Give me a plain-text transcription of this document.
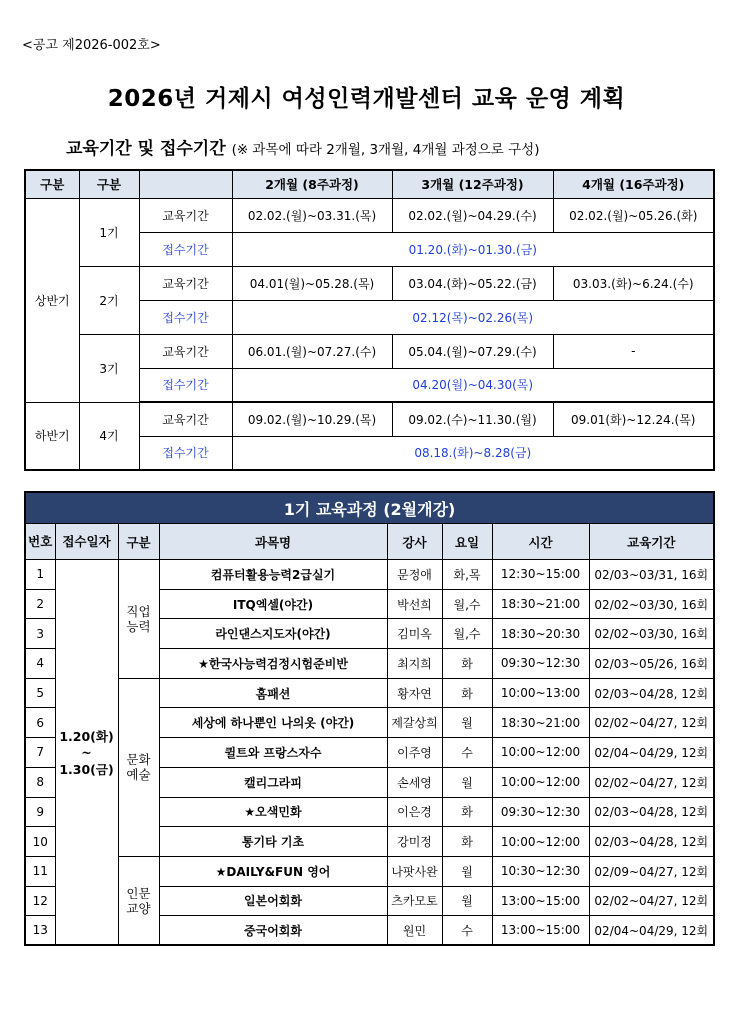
<공고 제2026-002호>
2026년 거제시 여성인력개발센터 교육 운영 계획
교육기간 및 접수기간 (※ 과목에 따라 2개월, 3개월, 4개월 과정으로 구성)
구분	구분		2개월 (8주과정)	3개월 (12주과정)	4개월 (16주과정)
상반기	1기	교육기간	02.02.(월)~03.31.(목)	02.02.(월)~04.29.(수)	02.02.(월)~05.26.(화)
		접수기간	01.20.(화)~01.30.(금)		
	2기	교육기간	04.01(월)~05.28.(목)	03.04.(화)~05.22.(금)	03.03.(화)~6.24.(수)
		접수기간	02.12(목)~02.26(목)		
	3기	교육기간	06.01.(월)~07.27.(수)	05.04.(월)~07.29.(수)	-
		접수기간	04.20(월)~04.30(목)		
하반기	4기	교육기간	09.02.(월)~10.29.(목)	09.02.(수)~11.30.(월)	09.01(화)~12.24.(목)
		접수기간	08.18.(화)~8.28(금)		
1기 교육과정 (2월개강)							
번호	접수일자	구분	과목명	강사	요일	시간	교육기간
1	1.20(화)
~
1.30(금)	직업능력	컴퓨터활용능력2급실기	문정애	화,목	12:30~15:00	02/03~03/31, 16회
2			ITQ엑셀(야간)	박선희	월,수	18:30~21:00	02/02~03/30, 16회
3			라인댄스지도자(야간)	김미옥	월,수	18:30~20:30	02/02~03/30, 16회
4			★한국사능력검정시험준비반	최지희	화	09:30~12:30	02/03~05/26, 16회
5		문화예술	홈패션	황자연	화	10:00~13:00	02/03~04/28, 12회
6			세상에 하나뿐인 나의옷 (야간)	제갈상희	월	18:30~21:00	02/02~04/27, 12회
7			퀼트와 프랑스자수	이주영	수	10:00~12:00	02/04~04/29, 12회
8			캘리그라피	손세영	월	10:00~12:00	02/02~04/27, 12회
9			★오색민화	이은경	화	09:30~12:30	02/03~04/28, 12회
10			통기타 기초	강미정	화	10:00~12:00	02/03~04/28, 12회
11		인문교양	★DAILY&FUN 영어	나팟사완	월	10:30~12:30	02/09~04/27, 12회
12			일본어회화	츠카모토	월	13:00~15:00	02/02~04/27, 12회
13			중국어회화	원민	수	13:00~15:00	02/04~04/29, 12회
